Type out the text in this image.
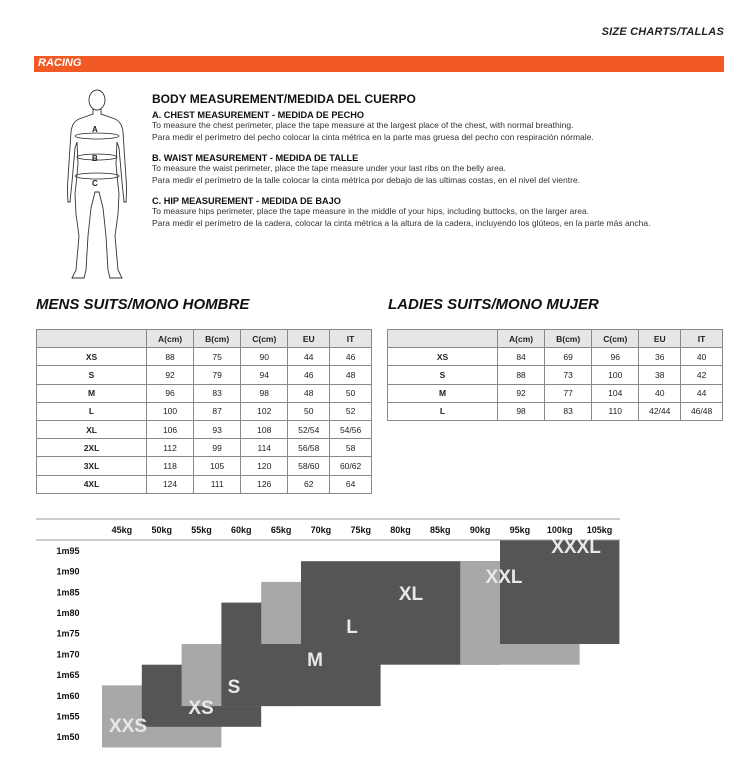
SIZE CHARTS/TALLAS
RACING
A
B
C
BODY MEASUREMENT/MEDIDA DEL CUERPO
A. CHEST MEASUREMENT - MEDIDA DE PECHO
To measure the chest perimeter, place the tape measure at the largest place of the chest, with normal breathing.
Para medir el perímetro del pecho colocar la cinta métrica en la parte mas gruesa del pecho con respiración nórmale.
B. WAIST MEASUREMENT - MEDIDA DE TALLE
To measure the waist perimeter, place the tape measure under your last ribs on the belly area.
Para medir el perímetro de la talle colocar la cinta métrica por debajo de las ultimas costas, en el nivel del vientre.
C. HIP MEASUREMENT - MEDIDA DE BAJO
To measure hips perimeter, place the tape measure in the middle of your hips, including buttocks, on the larger area.
Para medir el perímetro de la cadera, colocar la cinta métrica a la altura de la cadera, incluyendo los glúteos, en la parte más ancha.
MENS SUITS/MONO HOMBRE	LADIES SUITS/MONO MUJER
	A(cm)	B(cm)	C(cm)	EU	IT
XS	88	75	90	44	46
S	92	79	94	46	48
M	96	83	98	48	50
L	100	87	102	50	52
XL	106	93	108	52/54	54/56
2XL	112	99	114	56/58	58
3XL	118	105	120	58/60	60/62
4XL	124	111	126	62	64
	A(cm)	B(cm)	C(cm)	EU	IT
XS	84	69	96	36	40
S	88	73	100	38	42
M	92	77	104	40	44
L	98	83	110	42/44	46/48
45kg 50kg 55kg 60kg 65kg 70kg 75kg 80kg 85kg 90kg 95kg 100kg 105kg
1m95
1m90
1m85
1m80
1m75
1m70
1m65
1m60
1m55
1m50
XXS
XS
S
M
L
XL
XXL
XXXL
